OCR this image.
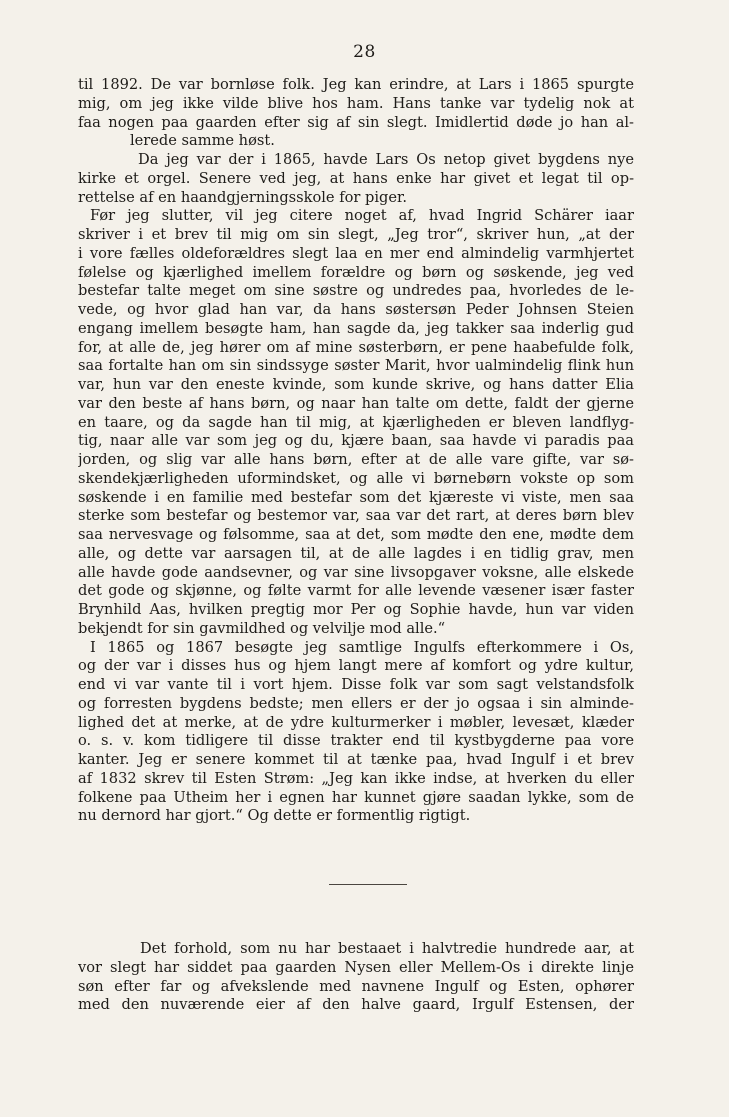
28
til 1892. De var bornløse folk. Jeg kan erindre, at Lars i 1865 spurgte
mig, om jeg ikke vilde blive hos ham. Hans tanke var tydelig nok at
faa nogen paa gaarden efter sig af sin slegt. Imidlertid døde jo han al-
lerede samme høst.
Da jeg var der i 1865, havde Lars Os netop givet bygdens nye
kirke et orgel. Senere ved jeg, at hans enke har givet et legat til op-
rettelse af en haandgjerningsskole for piger.
Før jeg slutter, vil jeg citere noget af, hvad Ingrid Schärer iaar
skriver i et brev til mig om sin slegt, „Jeg tror“, skriver hun, „at der
i vore fælles oldeforældres slegt laa en mer end almindelig varmhjertet
følelse og kjærlighed imellem forældre og børn og søskende, jeg ved
bestefar talte meget om sine søstre og undredes paa, hvorledes de le-
vede, og hvor glad han var, da hans søstersøn Peder Johnsen Steien
engang imellem besøgte ham, han sagde da, jeg takker saa inderlig gud
for, at alle de, jeg hører om af mine søsterbørn, er pene haabefulde folk,
saa fortalte han om sin sindssyge søster Marit, hvor ualmindelig flink hun
var, hun var den eneste kvinde, som kunde skrive, og hans datter Elia
var den beste af hans børn, og naar han talte om dette, faldt der gjerne
en taare, og da sagde han til mig, at kjærligheden er bleven landflyg-
tig, naar alle var som jeg og du, kjære baan, saa havde vi paradis paa
jorden, og slig var alle hans børn, efter at de alle vare gifte, var sø-
skendekjærligheden uformindsket, og alle vi børnebørn vokste op som
søskende i en familie med bestefar som det kjæreste vi viste, men saa
sterke som bestefar og bestemor var, saa var det rart, at deres børn blev
saa nervesvage og følsomme, saa at det, som mødte den ene, mødte dem
alle, og dette var aarsagen til, at de alle lagdes i en tidlig grav, men
alle havde gode aandsevner, og var sine livsopgaver voksne, alle elskede
det gode og skjønne, og følte varmt for alle levende væsener især faster
Brynhild Aas, hvilken pregtig mor Per og Sophie havde, hun var viden
bekjendt for sin gavmildhed og velvilje mod alle.“
I 1865 og 1867 besøgte jeg samtlige Ingulfs efterkommere i Os,
og der var i disses hus og hjem langt mere af komfort og ydre kultur,
end vi var vante til i vort hjem. Disse folk var som sagt velstandsfolk
og forresten bygdens bedste; men ellers er der jo ogsaa i sin alminde-
lighed det at merke, at de ydre kulturmerker i møbler, levesæt, klæder
o. s. v. kom tidligere til disse trakter end til kystbygderne paa vore
kanter. Jeg er senere kommet til at tænke paa, hvad Ingulf i et brev
af 1832 skrev til Esten Strøm: „Jeg kan ikke indse, at hverken du eller
folkene paa Utheim her i egnen har kunnet gjøre saadan lykke, som de
nu dernord har gjort.“ Og dette er formentlig rigtigt.
Det forhold, som nu har bestaaet i halvtredie hundrede aar, at
vor slegt har siddet paa gaarden Nysen eller Mellem-Os i direkte linje
søn efter far og afvekslende med navnene Ingulf og Esten, ophører
med den nuværende eier af den halve gaard, Irgulf Estensen, der
